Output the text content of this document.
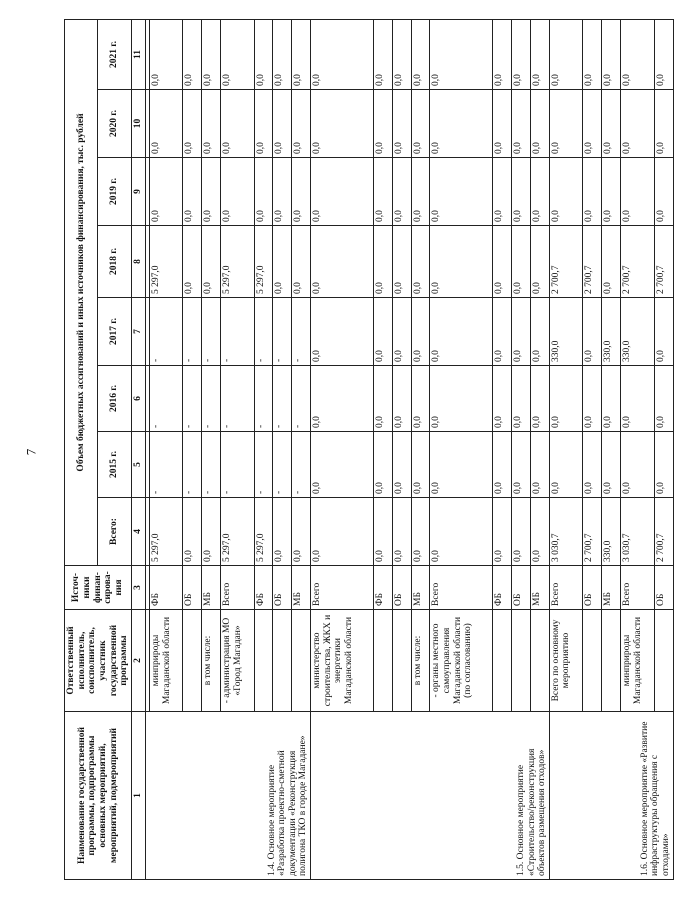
7
Наименование государственной программы, подпрограммы основных мероприятий, мероприятий, подмероприятий	Ответственный исполнитель, соисполнитель, участник государственной программы	Источ-ники финан-сирова-ния	Объем бюджетных ассигнований и иных источников финансирования, тыс. рублей							
			Всего:	2015 г.	2016 г.	2017 г.	2018 г.	2019 г.	2020 г.	2021 г.
1	2	3	4	5	6	7	8	9	10	11
1.4. Основное мероприятие «Разработка проектно-сметной документации «Реконструкция полигона ТКО в городе Магадане»										
	минприроды Магаданской области	ФБ	5 297,0	-	-	-	5 297,0	0,0	0,0	0,0
		ОБ	0,0	-	-	-	0,0	0,0	0,0	0,0
	в том числе:	МБ	0,0	-	-	-	0,0	0,0	0,0	0,0
	- администрация МО «Город Магадан»	Всего	5 297,0	-	-	-	5 297,0	0,0	0,0	0,0
		ФБ	5 297,0	-	-	-	5 297,0	0,0	0,0	0,0
		ОБ	0,0	-	-	-	0,0	0,0	0,0	0,0
		МБ	0,0	-	-	-	0,0	0,0	0,0	0,0
1.5. Основное мероприятие «Строительство/реконструкция объектов размещения отходов»	министерство строительства, ЖКХ и энергетики Магаданской области	Всего	0,0	0,0	0,0	0,0	0,0	0,0	0,0	0,0
		ФБ	0,0	0,0	0,0	0,0	0,0	0,0	0,0	0,0
		ОБ	0,0	0,0	0,0	0,0	0,0	0,0	0,0	0,0
	в том числе:	МБ	0,0	0,0	0,0	0,0	0,0	0,0	0,0	0,0
	- органы местного самоуправления Магаданской области (по согласованию)	Всего	0,0	0,0	0,0	0,0	0,0	0,0	0,0	0,0
		ФБ	0,0	0,0	0,0	0,0	0,0	0,0	0,0	0,0
		ОБ	0,0	0,0	0,0	0,0	0,0	0,0	0,0	0,0
		МБ	0,0	0,0	0,0	0,0	0,0	0,0	0,0	0,0
1.6. Основное мероприятие «Развитие инфраструктуры обращения с отходами»	Всего по основному мероприятию	Всего	3 030,7	0,0	0,0	330,0	2 700,7	0,0	0,0	0,0
		ОБ	2 700,7	0,0	0,0	0,0	2 700,7	0,0	0,0	0,0
		МБ	330,0	0,0	0,0	330,0	0,0	0,0	0,0	0,0
	минприроды Магаданской области	Всего	3 030,7	0,0	0,0	330,0	2 700,7	0,0	0,0	0,0
		ОБ	2 700,7	0,0	0,0	0,0	2 700,7	0,0	0,0	0,0
